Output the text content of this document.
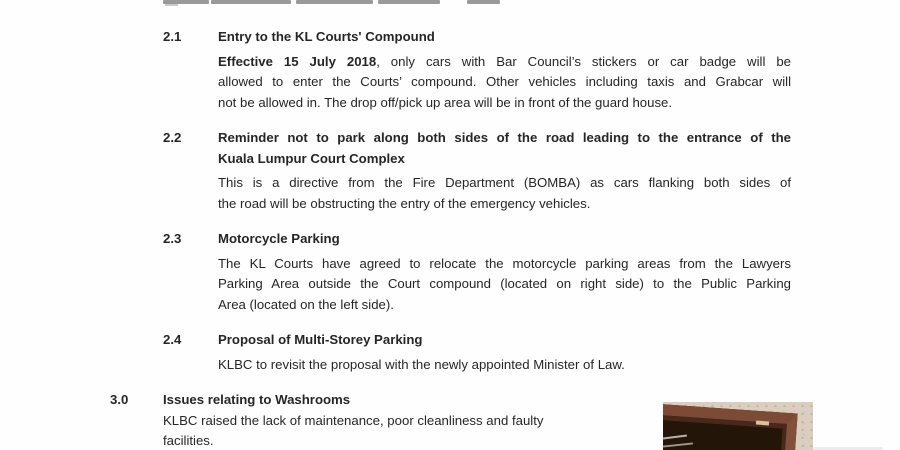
2.1	Entry to the KL Courts' Compound
Effective 15 July 2018, only cars with Bar Council’s stickers or car badge will be
allowed to enter the Courts’ compound. Other vehicles including taxis and Grabcar will
not be allowed in. The drop off/pick up area will be in front of the guard house.
2.2	Reminder not to park along both sides of the road leading to the entrance of the
Kuala Lumpur Court Complex
This is a directive from the Fire Department (BOMBA) as cars flanking both sides of
the road will be obstructing the entry of the emergency vehicles.
2.3	Motorcycle Parking
The KL Courts have agreed to relocate the motorcycle parking areas from the Lawyers
Parking Area outside the Court compound (located on right side) to the Public Parking
Area (located on the left side).
2.4	Proposal of Multi-Storey Parking
KLBC to revisit the proposal with the newly appointed Minister of Law.
3.0	Issues relating to Washrooms
KLBC raised the lack of maintenance, poor cleanliness and faulty
facilities.
